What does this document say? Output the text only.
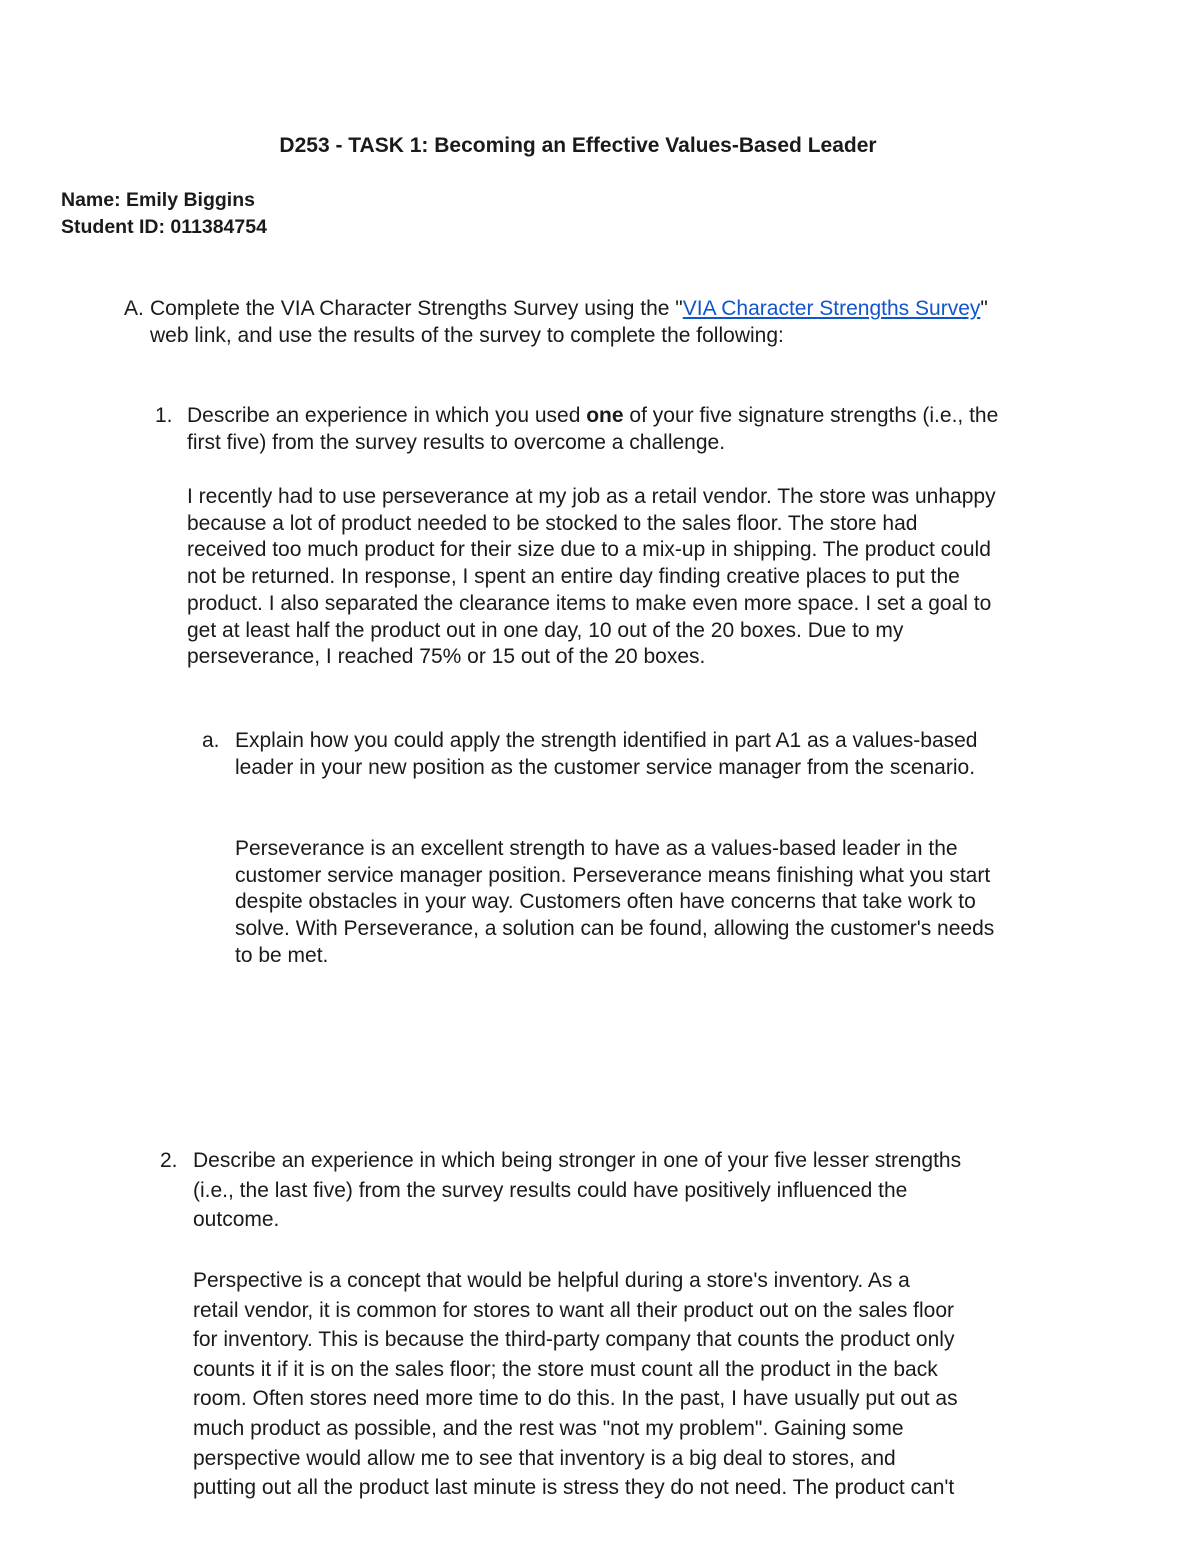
D253 - TASK 1: Becoming an Effective Values-Based Leader

Name: Emily Biggins

Student ID: 011384754

A. Complete the VIA Character Strengths Survey using the "VIA Character Strengths Survey"
web link, and use the results of the survey to complete the following:
1. Describe an experience in which you used one of your five signature strengths (i.e., the
first five) from the survey results to overcome a challenge.
I recently had to use perseverance at my job as a retail vendor. The store was unhappy
because a lot of product needed to be stocked to the sales floor. The store had
received too much product for their size due to a mix-up in shipping. The product could
not be returned. In response, I spent an entire day finding creative places to put the
product. I also separated the clearance items to make even more space. I set a goal to
get at least half the product out in one day, 10 out of the 20 boxes. Due to my
perseverance, I reached 75% or 15 out of the 20 boxes.
a. Explain how you could apply the strength identified in part A1 as a values-based
leader in your new position as the customer service manager from the scenario.
Perseverance is an excellent strength to have as a values-based leader in the
customer service manager position. Perseverance means finishing what you start
despite obstacles in your way. Customers often have concerns that take work to
solve. With Perseverance, a solution can be found, allowing the customer's needs
to be met.
2. Describe an experience in which being stronger in one of your five lesser strengths
(i.e., the last five) from the survey results could have positively influenced the
outcome.
Perspective is a concept that would be helpful during a store's inventory. As a
retail vendor, it is common for stores to want all their product out on the sales floor
for inventory. This is because the third-party company that counts the product only
counts it if it is on the sales floor; the store must count all the product in the back
room. Often stores need more time to do this. In the past, I have usually put out as
much product as possible, and the rest was "not my problem". Gaining some
perspective would allow me to see that inventory is a big deal to stores, and
putting out all the product last minute is stress they do not need. The product can't
